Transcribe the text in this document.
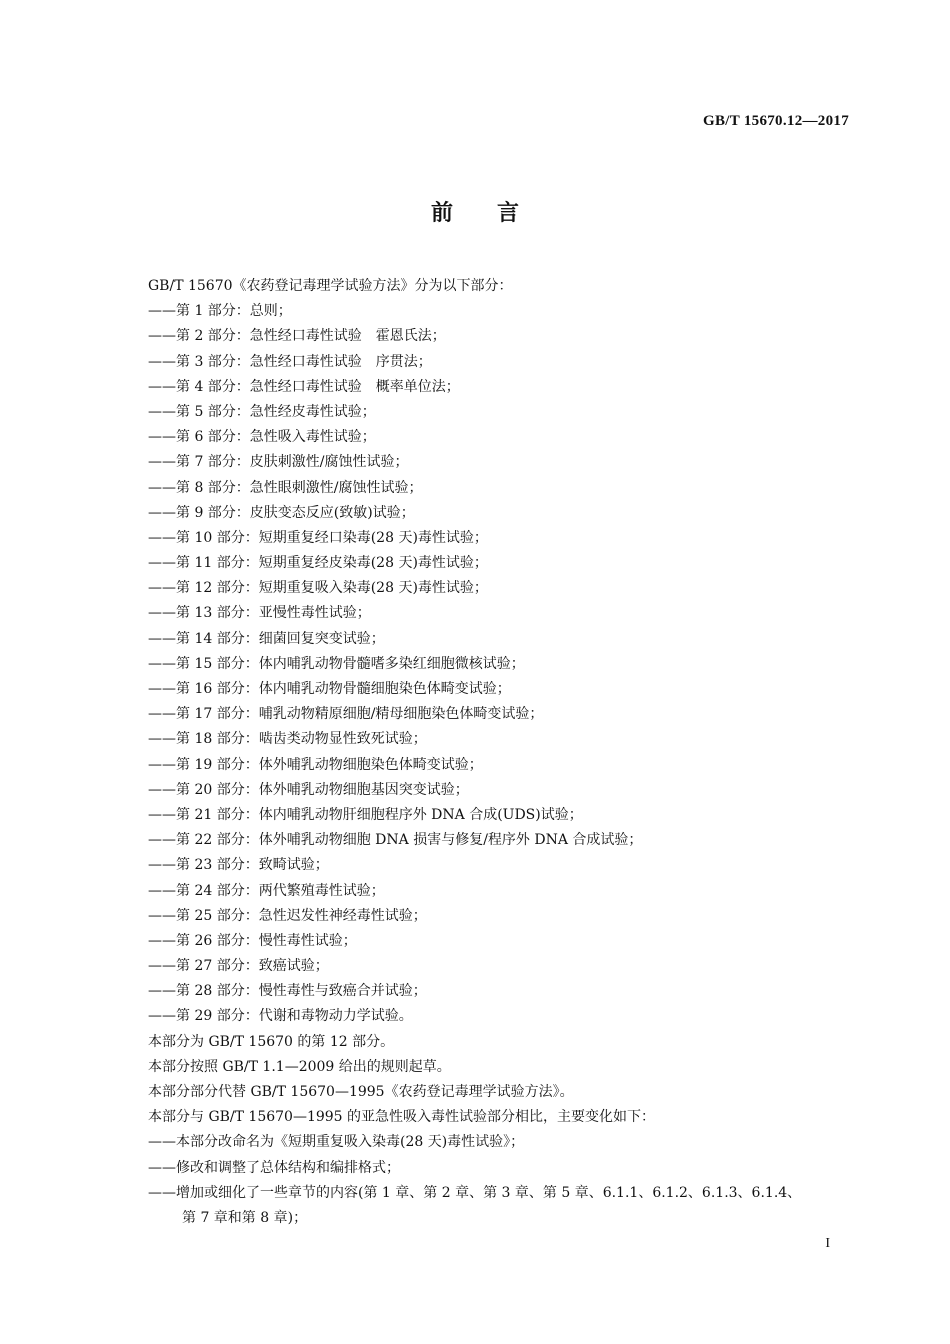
GB/T 15670.12—2017
前 言
GB/T 15670《农药登记毒理学试验方法》分为以下部分：
——第 1 部分：总则；
——第 2 部分：急性经口毒性试验　霍恩氏法；
——第 3 部分：急性经口毒性试验　序贯法；
——第 4 部分：急性经口毒性试验　概率单位法；
——第 5 部分：急性经皮毒性试验；
——第 6 部分：急性吸入毒性试验；
——第 7 部分：皮肤刺激性/腐蚀性试验；
——第 8 部分：急性眼刺激性/腐蚀性试验；
——第 9 部分：皮肤变态反应(致敏)试验；
——第 10 部分：短期重复经口染毒(28 天)毒性试验；
——第 11 部分：短期重复经皮染毒(28 天)毒性试验；
——第 12 部分：短期重复吸入染毒(28 天)毒性试验；
——第 13 部分：亚慢性毒性试验；
——第 14 部分：细菌回复突变试验；
——第 15 部分：体内哺乳动物骨髓嗜多染红细胞微核试验；
——第 16 部分：体内哺乳动物骨髓细胞染色体畸变试验；
——第 17 部分：哺乳动物精原细胞/精母细胞染色体畸变试验；
——第 18 部分：啮齿类动物显性致死试验；
——第 19 部分：体外哺乳动物细胞染色体畸变试验；
——第 20 部分：体外哺乳动物细胞基因突变试验；
——第 21 部分：体内哺乳动物肝细胞程序外 DNA 合成(UDS)试验；
——第 22 部分：体外哺乳动物细胞 DNA 损害与修复/程序外 DNA 合成试验；
——第 23 部分：致畸试验；
——第 24 部分：两代繁殖毒性试验；
——第 25 部分：急性迟发性神经毒性试验；
——第 26 部分：慢性毒性试验；
——第 27 部分：致癌试验；
——第 28 部分：慢性毒性与致癌合并试验；
——第 29 部分：代谢和毒物动力学试验。
本部分为 GB/T 15670 的第 12 部分。
本部分按照 GB/T 1.1—2009 给出的规则起草。
本部分部分代替 GB/T 15670—1995《农药登记毒理学试验方法》。
本部分与 GB/T 15670—1995 的亚急性吸入毒性试验部分相比，主要变化如下：
——本部分改命名为《短期重复吸入染毒(28 天)毒性试验》；
——修改和调整了总体结构和编排格式；
——增加或细化了一些章节的内容(第 1 章、第 2 章、第 3 章、第 5 章、6.1.1、6.1.2、6.1.3、6.1.4、
第 7 章和第 8 章)；
I
